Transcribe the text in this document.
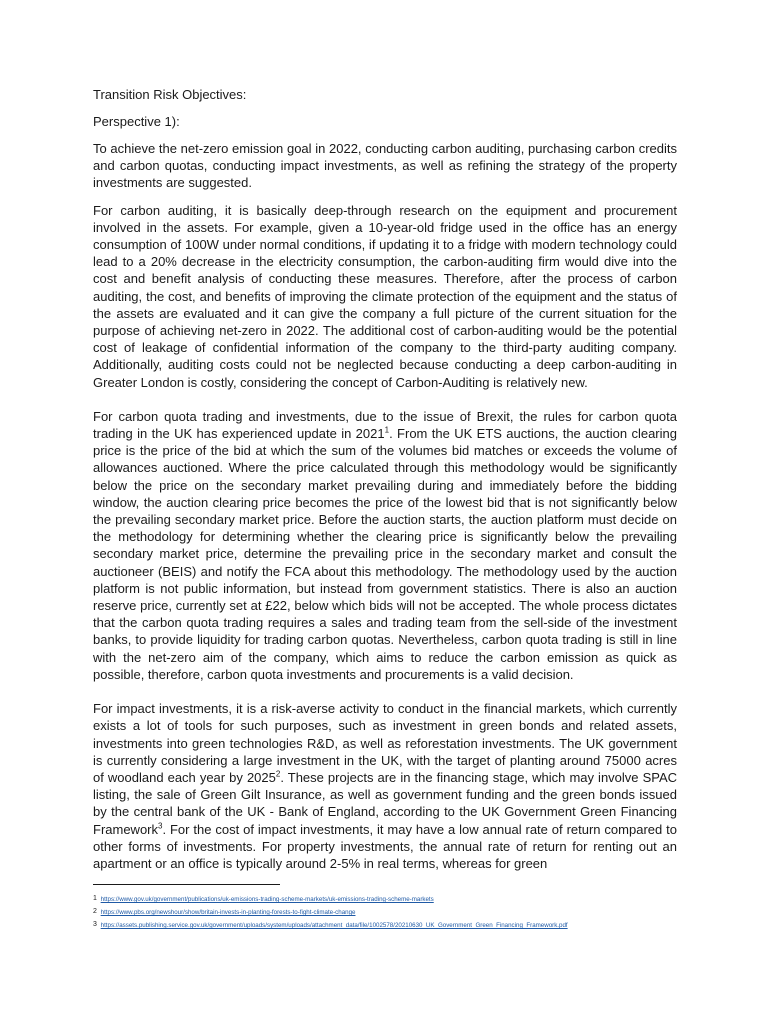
Transition Risk Objectives:

Perspective 1):

To achieve the net-zero emission goal in 2022, conducting carbon auditing, purchasing carbon credits and carbon quotas, conducting impact investments, as well as refining the strategy of the property investments are suggested.

For carbon auditing, it is basically deep-through research on the equipment and procurement involved in the assets. For example, given a 10-year-old fridge used in the office has an energy consumption of 100W under normal conditions, if updating it to a fridge with modern technology could lead to a 20% decrease in the electricity consumption, the carbon-auditing firm would dive into the cost and benefit analysis of conducting these measures. Therefore, after the process of carbon auditing, the cost, and benefits of improving the climate protection of the equipment and the status of the assets are evaluated and it can give the company a full picture of the current situation for the purpose of achieving net-zero in 2022. The additional cost of carbon-auditing would be the potential cost of leakage of confidential information of the company to the third-party auditing company. Additionally, auditing costs could not be neglected because conducting a deep carbon-auditing in Greater London is costly, considering the concept of Carbon-Auditing is relatively new.

For carbon quota trading and investments, due to the issue of Brexit, the rules for carbon quota trading in the UK has experienced update in 2021$^1$. From the UK ETS auctions, the auction clearing price is the price of the bid at which the sum of the volumes bid matches or exceeds the volume of allowances auctioned. Where the price calculated through this methodology would be significantly below the price on the secondary market prevailing during and immediately before the bidding window, the auction clearing price becomes the price of the lowest bid that is not significantly below the prevailing secondary market price. Before the auction starts, the auction platform must decide on the methodology for determining whether the clearing price is significantly below the prevailing secondary market price, determine the prevailing price in the secondary market and consult the auctioneer (BEIS) and notify the FCA about this methodology. The methodology used by the auction platform is not public information, but instead from government statistics. There is also an auction reserve price, currently set at £22, below which bids will not be accepted. The whole process dictates that the carbon quota trading requires a sales and trading team from the sell-side of the investment banks, to provide liquidity for trading carbon quotas. Nevertheless, carbon quota trading is still in line with the net-zero aim of the company, which aims to reduce the carbon emission as quick as possible, therefore, carbon quota investments and procurements is a valid decision.

For impact investments, it is a risk-averse activity to conduct in the financial markets, which currently exists a lot of tools for such purposes, such as investment in green bonds and related assets, investments into green technologies R&D, as well as reforestation investments. The UK government is currently considering a large investment in the UK, with the target of planting around 75000 acres of woodland each year by 2025$^2$. These projects are in the financing stage, which may involve SPAC listing, the sale of Green Gilt Insurance, as well as government funding and the green bonds issued by the central bank of the UK - Bank of England, according to the UK Government Green Financing Framework$^3$. For the cost of impact investments, it may have a low annual rate of return compared to other forms of investments. For property investments, the annual rate of return for renting out an apartment or an office is typically around 2-5% in real terms, whereas for green

1 https://www.gov.uk/government/publications/uk-emissions-trading-scheme-markets/uk-emissions-trading-scheme-markets
2 https://www.pbs.org/newshour/show/britain-invests-in-planting-forests-to-fight-climate-change
3 https://assets.publishing.service.gov.uk/government/uploads/system/uploads/attachment_data/file/1002578/20210630_UK_Government_Green_Financing_Framework.pdf
